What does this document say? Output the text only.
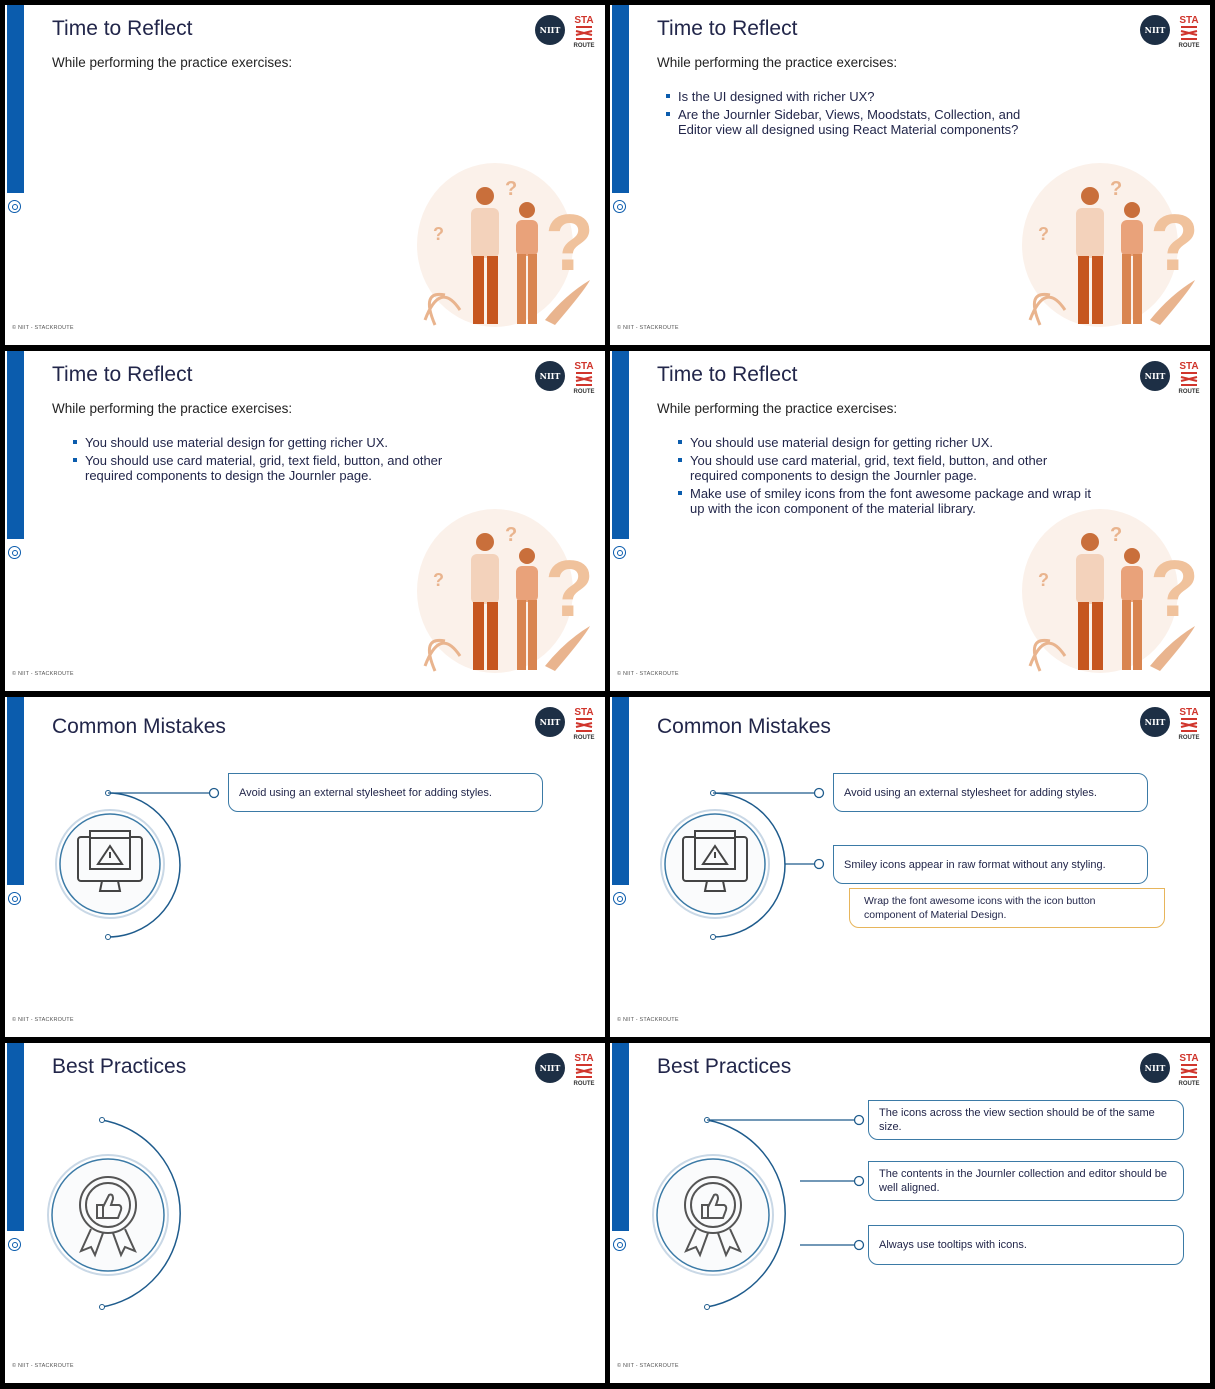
Time to Reflect
While performing the practice exercises:
NIIT
STA
ROUTE
?
?
?
© NIIT - STACKROUTE
Time to Reflect
While performing the practice exercises:
Is the UI designed with richer UX?
Are the Journler Sidebar, Views, Moodstats, Collection, and Editor view all designed using React Material components?
NIIT
STA
ROUTE
?
?
?
© NIIT - STACKROUTE
Time to Reflect
While performing the practice exercises:
You should use material design for getting richer UX.
You should use card material, grid, text field, button, and other required components to design the Journler page.
NIIT
STA
ROUTE
?
?
?
© NIIT - STACKROUTE
Time to Reflect
While performing the practice exercises:
You should use material design for getting richer UX.
You should use card material, grid, text field, button, and other required components to design the Journler page.
Make use of smiley icons from the font awesome package and wrap it up with the icon component of the material library.
NIIT
STA
ROUTE
?
?
?
© NIIT - STACKROUTE
Common Mistakes	NIIT
STA
ROUTE
Avoid using an external stylesheet for adding styles.
© NIIT - STACKROUTE
Common Mistakes	NIIT
STA
ROUTE
Avoid using an external stylesheet for adding styles.
Smiley icons appear in raw format without any styling.
Wrap the font awesome icons with the icon button component of Material Design.
© NIIT - STACKROUTE
Best Practices	NIIT
STA
ROUTE
© NIIT - STACKROUTE
Best Practices	NIIT
STA
ROUTE
The icons across the view section should be of the same size.
The contents in the Journler collection and editor should be well aligned.
Always use tooltips with icons.
© NIIT - STACKROUTE
